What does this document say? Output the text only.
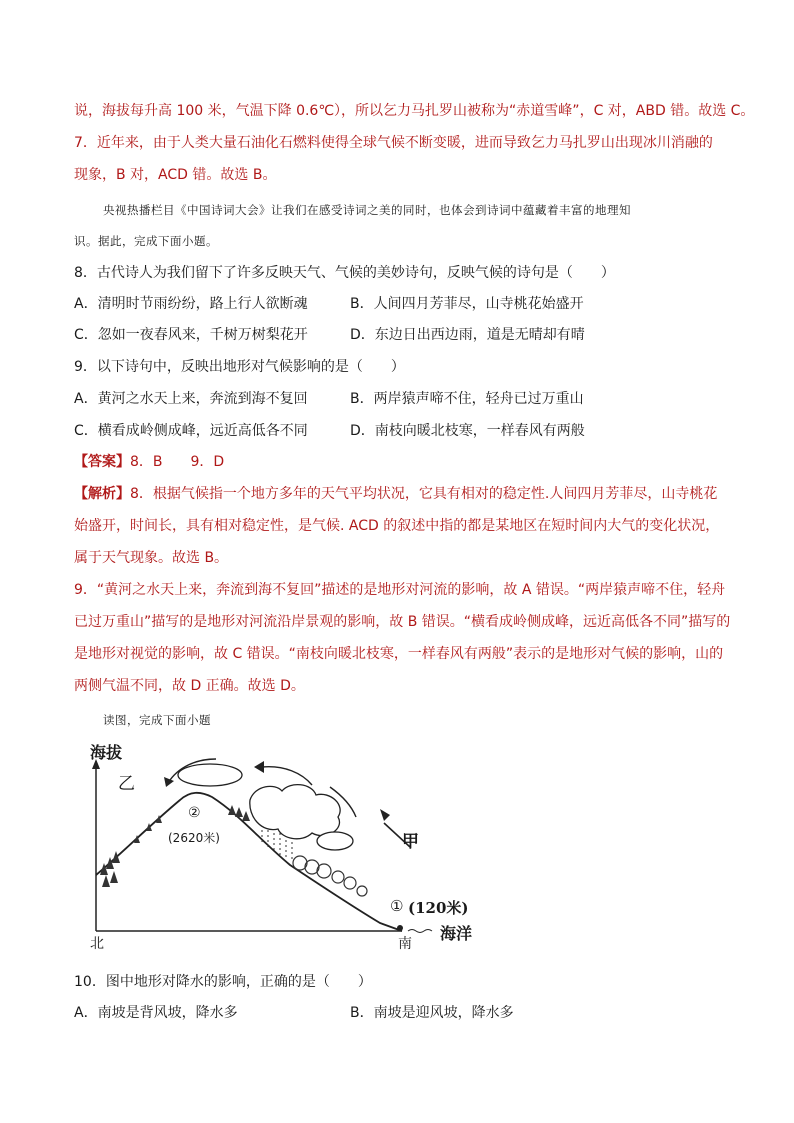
说，海拔每升高 100 米，气温下降 0.6℃），所以乞力马扎罗山被称为“赤道雪峰”，C 对，ABD 错。故选 C。
7．近年来，由于人类大量石油化石燃料使得全球气候不断变暖，进而导致乞力马扎罗山出现冰川消融的
现象，B 对，ACD 错。故选 B。
央视热播栏目《中国诗词大会》让我们在感受诗词之美的同时，也体会到诗词中蕴藏着丰富的地理知
识。据此，完成下面小题。
8．古代诗人为我们留下了许多反映天气、气候的美妙诗句，反映气候的诗句是（　　）
A．清明时节雨纷纷，路上行人欲断魂	B．人间四月芳菲尽，山寺桃花始盛开
C．忽如一夜春风来，千树万树梨花开	D．东边日出西边雨，道是无晴却有晴
9．以下诗句中，反映出地形对气候影响的是（　　）
A．黄河之水天上来，奔流到海不复回	B．两岸猿声啼不住，轻舟已过万重山
C．横看成岭侧成峰，远近高低各不同	D．南枝向暖北枝寒，一样春风有两般
【答案】8．B　　9．D
【解析】8．根据气候指一个地方多年的天气平均状况，它具有相对的稳定性.人间四月芳菲尽，山寺桃花
始盛开，时间长，具有相对稳定性，是气候. ACD 的叙述中指的都是某地区在短时间内大气的变化状况，
属于天气现象。故选 B。
9．“黄河之水天上来，奔流到海不复回”描述的是地形对河流的影响，故 A 错误。“两岸猿声啼不住，轻舟
已过万重山”描写的是地形对河流沿岸景观的影响，故 B 错误。“横看成岭侧成峰，远近高低各不同”描写的
是地形对视觉的影响，故 C 错误。“南枝向暖北枝寒，一样春风有两般”表示的是地形对气候的影响，山的
两侧气温不同，故 D 正确。故选 D。
读图，完成下面小题
海拔
乙
甲
②
(2620米)
① (120米)
北	南
海洋
10．图中地形对降水的影响，正确的是（　　）
A．南坡是背风坡，降水多	B．南坡是迎风坡，降水多
